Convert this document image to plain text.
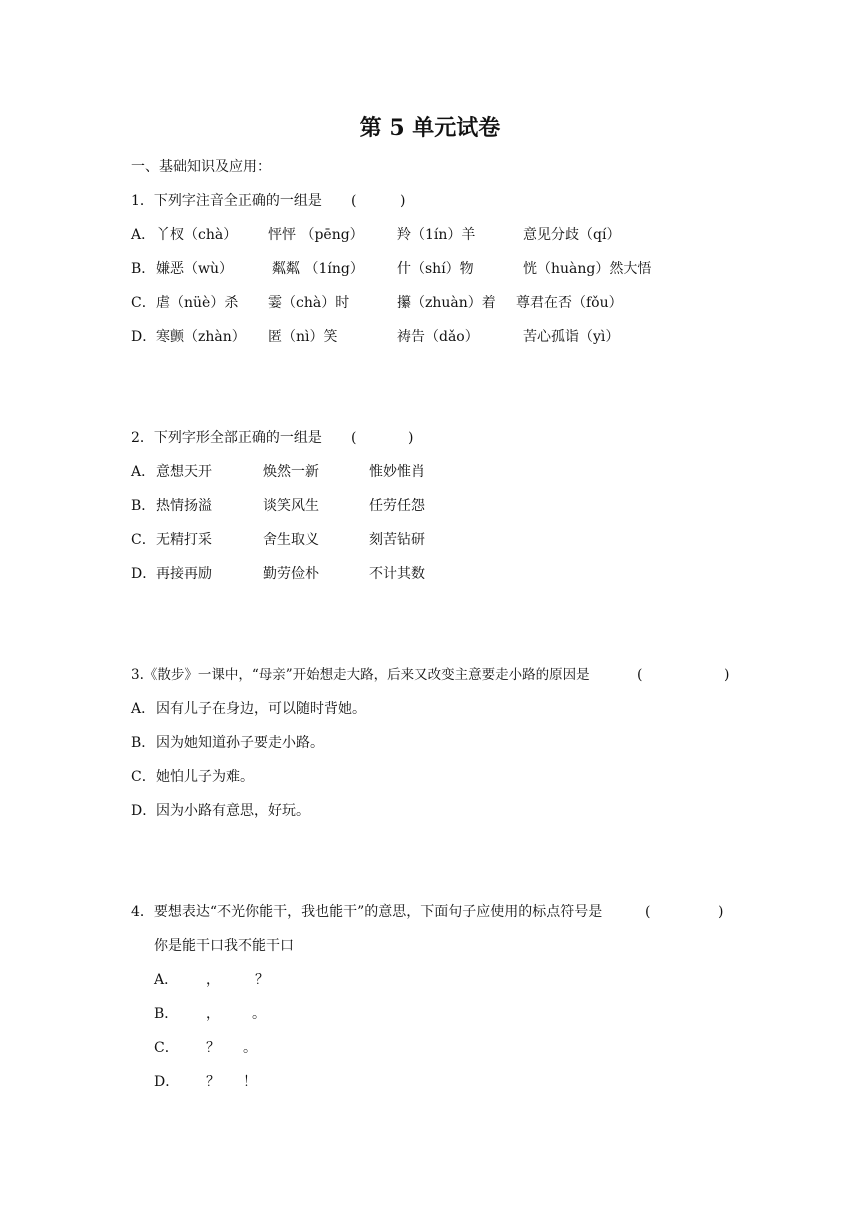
第 5 单元试卷
一、基础知识及应用：
1．下列字注音全正确的一组是 (	)
A． 丫杈（chà） 怦怦 （pēng） 羚（1ín）羊	意见分歧（qí）
B． 嫌恶（wù）	粼粼 （1íng） 什（shí）物	恍（huàng）然大悟
C． 虐（nüè）杀 霎（chà）时	攥（zhuàn）着 尊君在否（fǒu）
D． 寒颤（zhàn） 匿（nì）笑	祷告（dǎo）	苦心孤诣（yì）
2．下列字形全部正确的一组是 (	)
A． 意想天开	焕然一新	惟妙惟肖
B． 热情扬溢	谈笑风生	任劳任怨
C． 无精打采	舍生取义	刻苦钻研
D． 再接再励	勤劳俭朴	不计其数
3.《散步》一课中，“母亲”开始想走大路，后来又改变主意要走小路的原因是	(	)
A． 因有儿子在身边，可以随时背她。
B． 因为她知道孙子要走小路。
C． 她怕儿子为难。
D． 因为小路有意思，好玩。
4．要想表达“不光你能干，我也能干”的意思，下面句子应使用的标点符号是	(	)
你是能干口我不能干口
A． ，	？
B． ， 。
C． ？ 。
D． ？ ！
